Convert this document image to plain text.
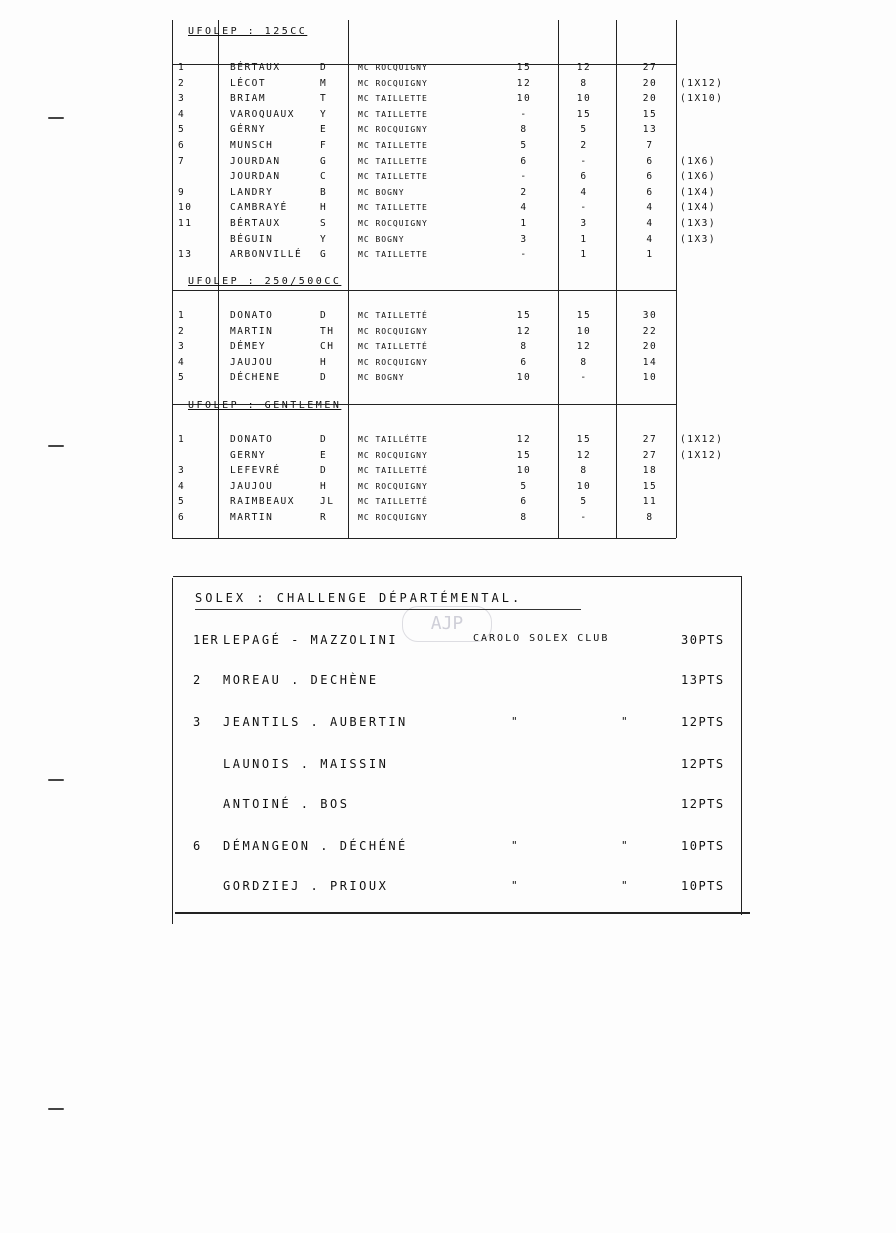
UFOLEP : 125CC
UFOLEP : 250/500CC
UFOLEP : GENTLEMEN
1	BÉRTAUX	D	MC ROCQUIGNY	15	12	27
2	LÉCOT	M	MC ROCQUIGNY	12	8	20	(1X12)
3	BRIAM	T	MC TAILLETTE	10	10	20	(1X10)
4	VAROQUAUX	Y	MC TAILLETTE	-	15	15
5	GÉRNY	E	MC ROCQUIGNY	8	5	13
6	MUNSCH	F	MC TAILLETTE	5	2	7
7	JOURDAN	G	MC TAILLETTE	6	-	6	(1X6)
JOURDAN	C	MC TAILLETTE	-	6	6	(1X6)
9	LANDRY	B	MC BOGNY	2	4	6	(1X4)
10	CAMBRAYÉ	H	MC TAILLETTE	4	-	4	(1X4)
11	BÉRTAUX	S	MC ROCQUIGNY	1	3	4	(1X3)
BÉGUIN	Y	MC BOGNY	3	1	4	(1X3)
13	ARBONVILLÉ	G	MC TAILLETTE	-	1	1
1	DONATO	D	MC TAILLETTÉ	15	15	30
2	MARTIN	TH	MC ROCQUIGNY	12	10	22
3	DÉMEY	CH	MC TAILLETTÉ	8	12	20
4	JAUJOU	H	MC ROCQUIGNY	6	8	14
5	DÉCHENE	D	MC BOGNY	10	-	10
1	DONATO	D	MC TAILLÉTTE	12	15	27	(1X12)
GERNY	E	MC ROCQUIGNY	15	12	27	(1X12)
3	LEFEVRÉ	D	MC TAILLETTÉ	10	8	18
4	JAUJOU	H	MC ROCQUIGNY	5	10	15
5	RAIMBEAUX	JL	MC TAILLETTÉ	6	5	11
6	MARTIN	R	MC ROCQUIGNY	8	-	8
AJP
SOLEX : CHALLENGE DÉPARTÉMENTAL.
1ER LEPAGÉ - MAZZOLINI	CAROLO SOLEX CLUB	30PTS
2 MOREAU . DECHÈNE	13PTS
3 JEANTILS . AUBERTIN	"	"	12PTS
LAUNOIS . MAISSIN	12PTS
ANTOINÉ . BOS	12PTS
6 DÉMANGEON . DÉCHÉNÉ	"	"	10PTS
GORDZIEJ . PRIOUX	"	"	10PTS
